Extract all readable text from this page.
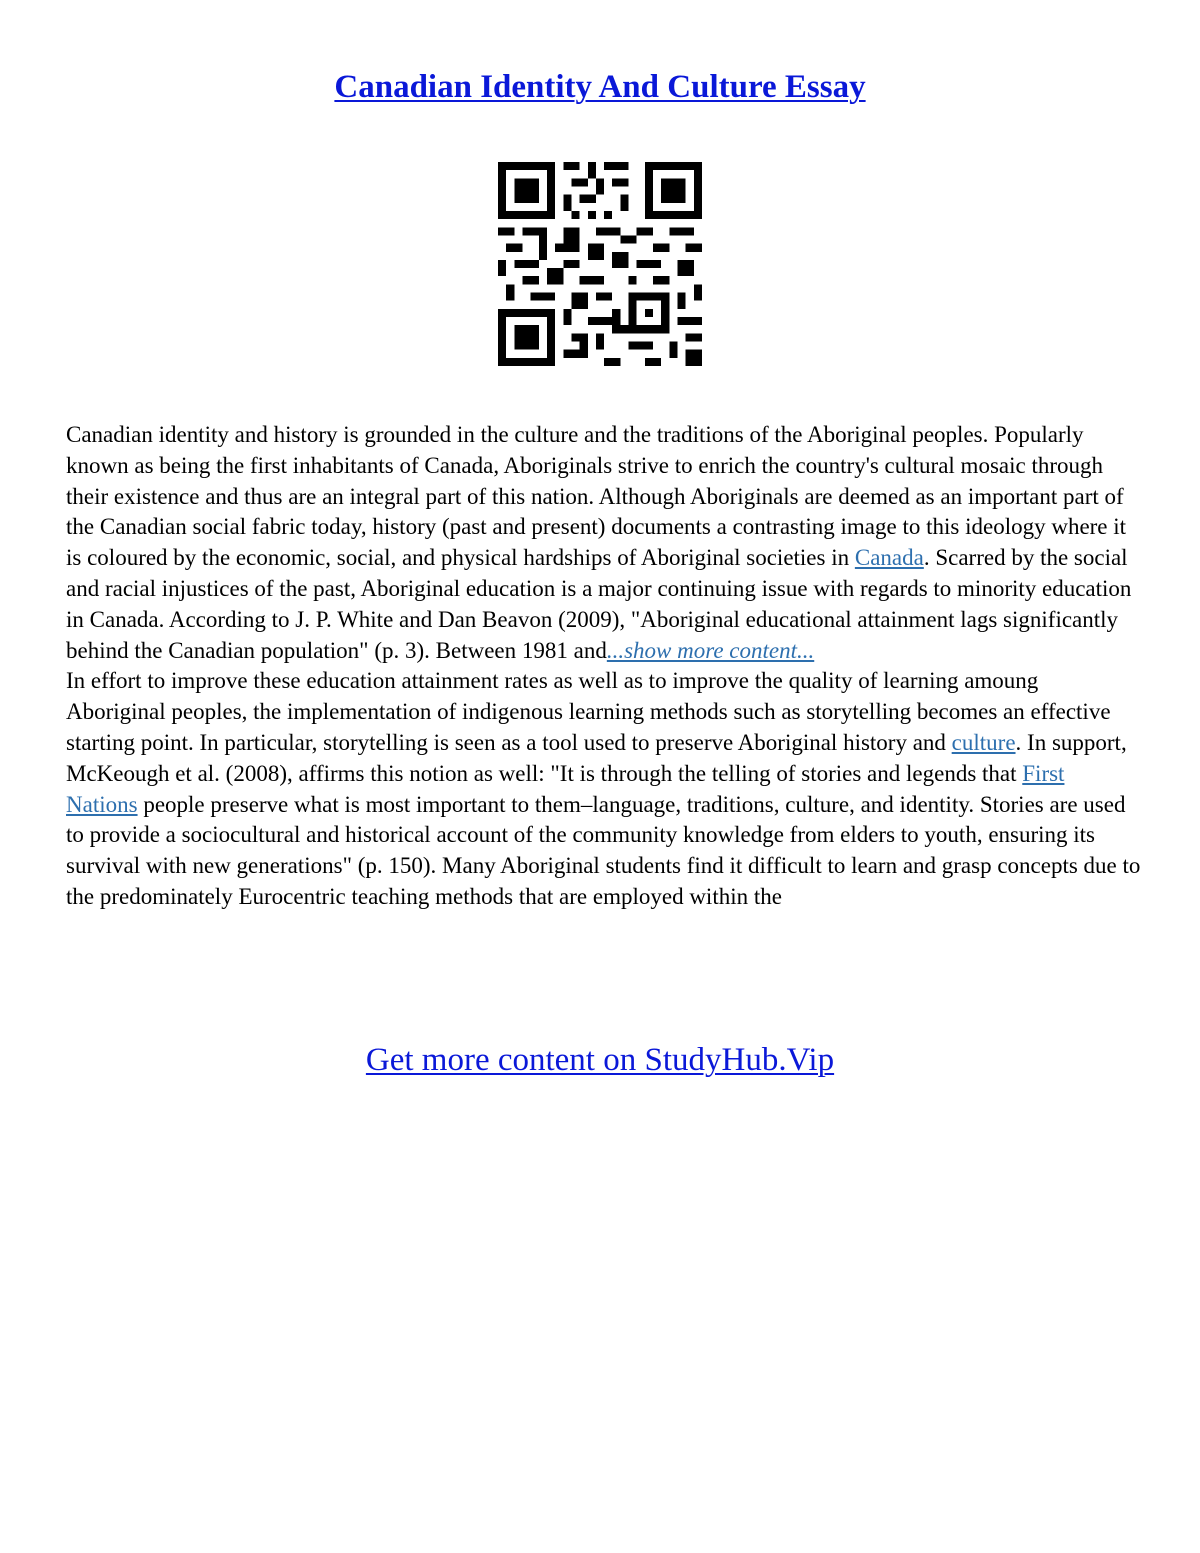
Canadian Identity And Culture Essay

Canadian identity and history is grounded in the culture and the traditions of the Aboriginal peoples. Popularly known as being the first inhabitants of Canada, Aboriginals strive to enrich the country's cultural mosaic through their existence and thus are an integral part of this nation. Although Aboriginals are deemed as an important part of the Canadian social fabric today, history (past and present) documents a contrasting image to this ideology where it is coloured by the economic, social, and physical hardships of Aboriginal societies in Canada. Scarred by the social and racial injustices of the past, Aboriginal education is a major continuing issue with regards to minority education in Canada. According to J. P. White and Dan Beavon (2009), "Aboriginal educational attainment lags significantly behind the Canadian population" (p. 3). Between 1981 and...show more content...

In effort to improve these education attainment rates as well as to improve the quality of learning amoung Aboriginal peoples, the implementation of indigenous learning methods such as storytelling becomes an effective starting point. In particular, storytelling is seen as a tool used to preserve Aboriginal history and culture. In support, McKeough et al. (2008), affirms this notion as well: "It is through the telling of stories and legends that First Nations people preserve what is most important to them–language, traditions, culture, and identity. Stories are used to provide a sociocultural and historical account of the community knowledge from elders to youth, ensuring its survival with new generations" (p. 150). Many Aboriginal students find it difficult to learn and grasp concepts due to the predominately Eurocentric teaching methods that are employed within the

Get more content on StudyHub.Vip
